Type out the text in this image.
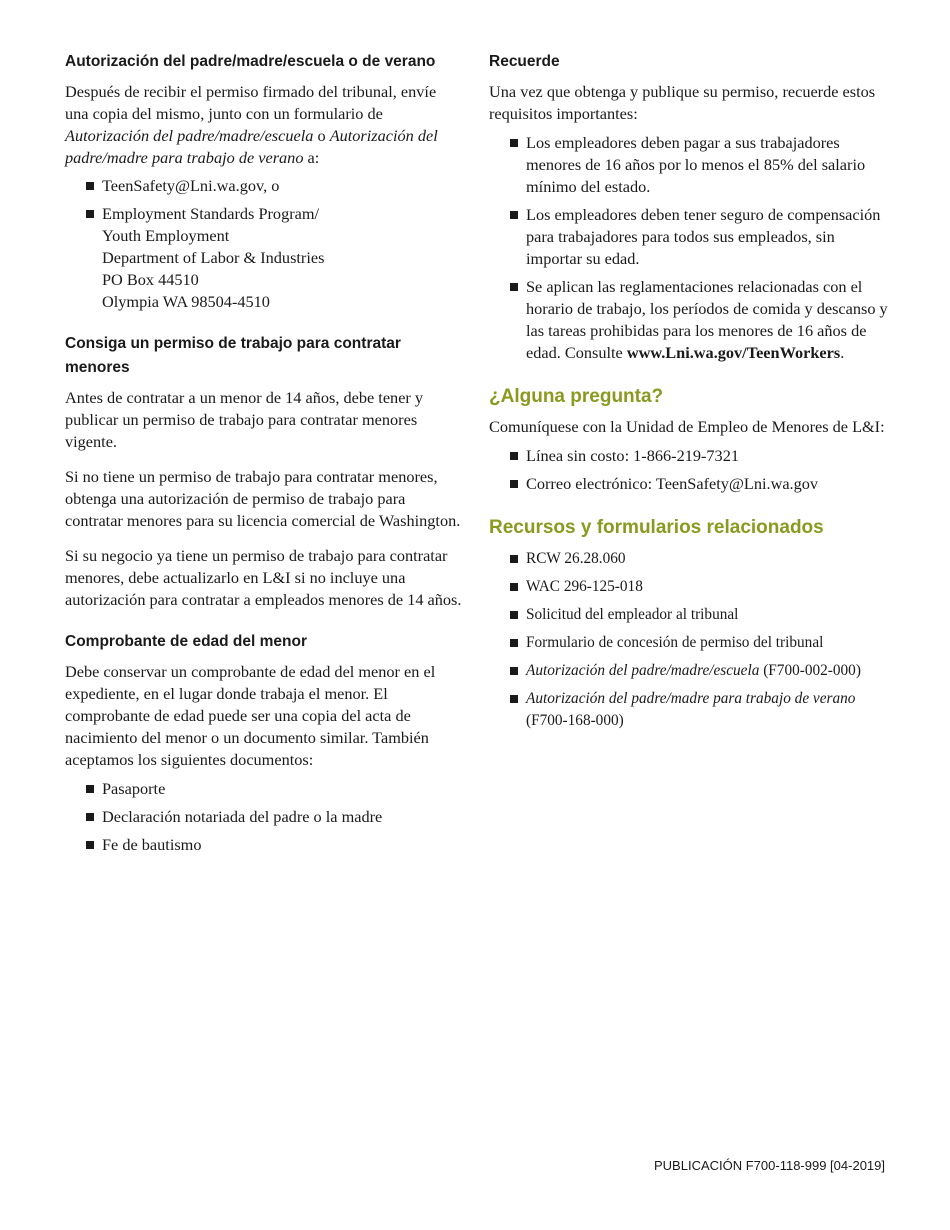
Autorización del padre/madre/escuela o de verano

Después de recibir el permiso firmado del tribunal, envíe una copia del mismo, junto con un formulario de Autorización del padre/madre/escuela o Autorización del padre/madre para trabajo de verano a:

TeenSafety@Lni.wa.gov, o
Employment Standards Program/
Youth Employment
Department of Labor & Industries
PO Box 44510
Olympia WA 98504-4510
Consiga un permiso de trabajo para contratar menores

Antes de contratar a un menor de 14 años, debe tener y publicar un permiso de trabajo para contratar menores vigente.

Si no tiene un permiso de trabajo para contratar menores, obtenga una autorización de permiso de trabajo para contratar menores para su licencia comercial de Washington.

Si su negocio ya tiene un permiso de trabajo para contratar menores, debe actualizarlo en L&I si no incluye una autorización para contratar a empleados menores de 14 años.

Comprobante de edad del menor

Debe conservar un comprobante de edad del menor en el expediente, en el lugar donde trabaja el menor. El comprobante de edad puede ser una copia del acta de nacimiento del menor o un documento similar. También aceptamos los siguientes documentos:

Pasaporte
Declaración notariada del padre o la madre
Fe de bautismo
Recuerde

Una vez que obtenga y publique su permiso, recuerde estos requisitos importantes:

Los empleadores deben pagar a sus trabajadores menores de 16 años por lo menos el 85% del salario mínimo del estado.
Los empleadores deben tener seguro de compensación para trabajadores para todos sus empleados, sin importar su edad.
Se aplican las reglamentaciones relacionadas con el horario de trabajo, los períodos de comida y descanso y las tareas prohibidas para los menores de 16 años de edad. Consulte www.Lni.wa.gov/TeenWorkers.
¿Alguna pregunta?

Comuníquese con la Unidad de Empleo de Menores de L&I:

Línea sin costo: 1-866-219-7321
Correo electrónico: TeenSafety@Lni.wa.gov
Recursos y formularios relacionados
RCW 26.28.060
WAC 296-125-018
Solicitud del empleador al tribunal
Formulario de concesión de permiso del tribunal
Autorización del padre/madre/escuela (F700-002-000)
Autorización del padre/madre para trabajo de verano
(F700-168-000)
PUBLICACIÓN F700-118-999 [04-2019]
